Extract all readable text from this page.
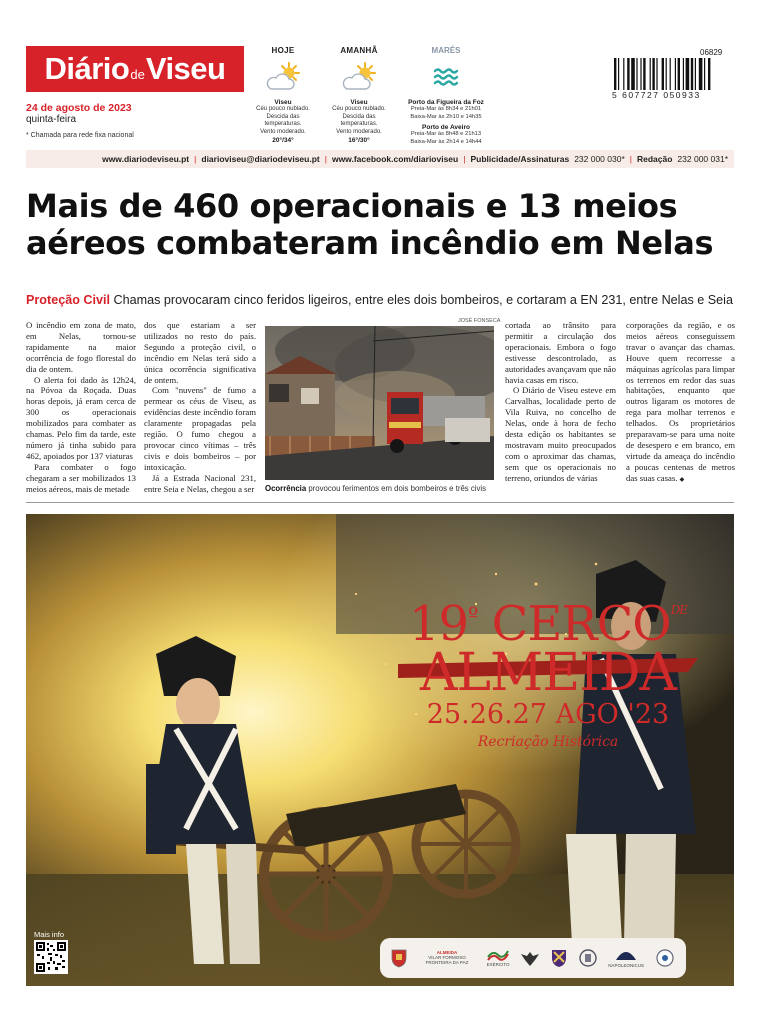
Diário de Viseu
24 de agosto de 2023
quinta-feira
* Chamada para rede fixa nacional
HOJE
Viseu
Céu pouco nublado.
Descida das
temperaturas.
Vento moderado.
20°/34°
AMANHÃ
Viseu
Céu pouco nublado.
Descida das
temperaturas.
Vento moderado.
16°/30°
MARÉS
Porto da Figueira da Foz
Preia-Mar às 8h34 e 21h01
Baixa-Mar às 2h10 e 14h35
Porto de Aveiro
Preia-Mar às 8h48 e 21h13
Baixa-Mar às 2h14 e 14h44
06829
5 607727 050933
www.diariodeviseu.pt | diarioviseu@diariodeviseu.pt | www.facebook.com/diarioviseu | Publicidade/Assinaturas 232 000 030* | Redação 232 000 031*
Mais de 460 operacionais e 13 meios
aéreos combateram incêndio em Nelas
Proteção Civil Chamas provocaram cinco feridos ligeiros, entre eles dois bombeiros, e cortaram a EN 231, entre Nelas e Seia

O incêndio em zona de mato, em Nelas, tornou-se rapidamente na maior ocorrência de fogo florestal do dia de ontem.

O alerta foi dado às 12h24, na Póvoa da Roçada. Duas horas depois, já eram cerca de 300 os operacionais mobilizados para combater as chamas. Pelo fim da tarde, este número já tinha subido para 462, apoiados por 137 viaturas

Para combater o fogo chegaram a ser mobilizados 13 meios aéreos, mais de metade

dos que estariam a ser utilizados no resto do país. Segundo a proteção civil, o incêndio em Nelas terá sido a única ocorrência significativa de ontem.

Com "nuvens" de fumo a permear os céus de Viseu, as evidências deste incêndio foram claramente propagadas pela região. O fumo chegou a provocar cinco vítimas – três civis e dois bombeiros – por intoxicação.

Já a Estrada Nacional 231, entre Seia e Nelas, chegou a ser

JOSÉ FONSECA
Ocorrência provocou ferimentos em dois bombeiros e três civis

cortada ao trânsito para permitir a circulação dos operacionais. Embora o fogo estivesse descontrolado, as autoridades avançavam que não havia casas em risco.

O Diário de Viseu esteve em Carvalhas, localidade perto de Vila Ruiva, no concelho de Nelas, onde à hora de fecho desta edição os habitantes se mostravam muito preocupados com o aproximar das chamas, sem que os operacionais no terreno, oriundos de várias

corporações da região, e os meios aéreos conseguissem travar o avançar das chamas. Houve quem recorresse a máquinas agrícolas para limpar os terrenos em redor das suas habitações, enquanto que outros ligaram os motores de rega para molhar terrenos e telhados. Os proprietários preparavam-se para uma noite de desespero e em branco, em virtude da ameaça do incêndio a poucas centenas de metros das suas casas. ◆

$19^º$ $CERCO^{DE}$
ALMEIDA
25.26.27 AGO '23
Recriação Histórica
Mais info
ALMEIDA
VILAR FORMOSO FRONTEIRA DA PAZ	EXÉRCITO	NAPOLEONICUS
